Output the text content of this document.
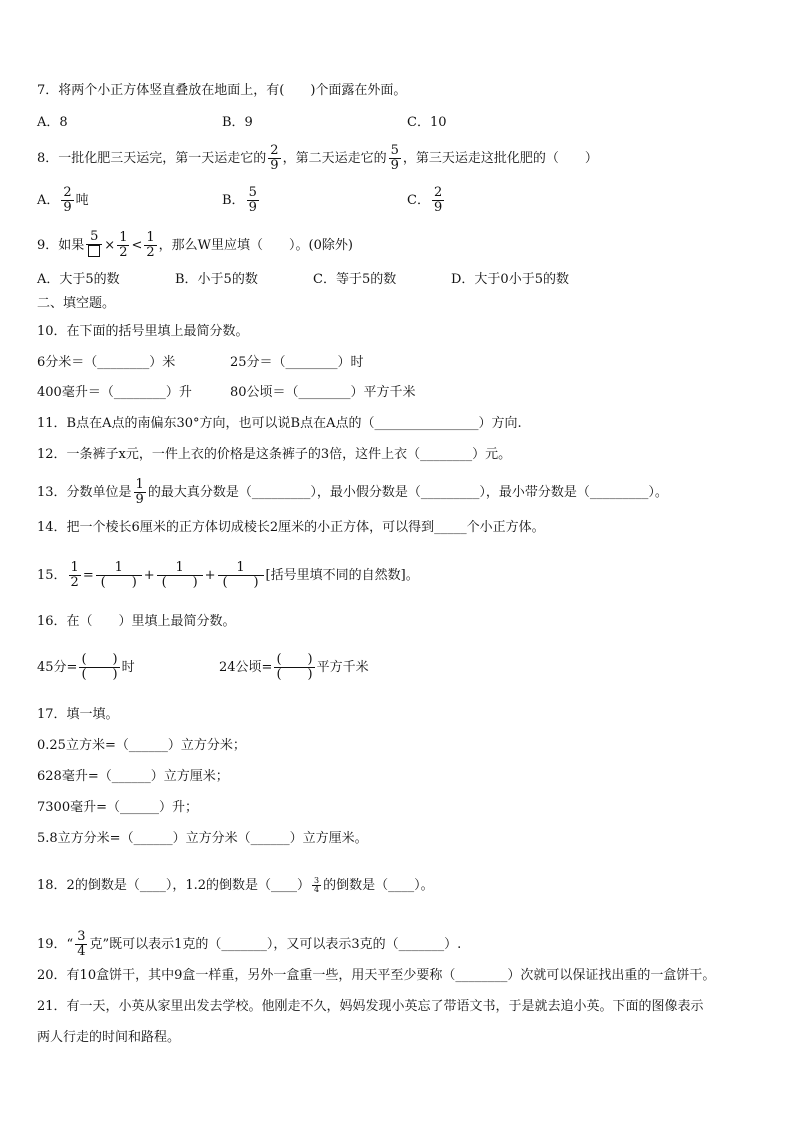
7．将两个小正方体竖直叠放在地面上，有(　　)个面露在外面。
A．8	B．9	C．10
8．一批化肥三天运完，第一天运走它的 $\frac{2}{9}$ ，第二天运走它的 $\frac{5}{9}$ ，第三天运走这批化肥的（　　）
A． $\frac{2}{9}$ 吨	B． $\frac{5}{9}$	C． $\frac{2}{9}$
9．如果
5
× $\frac{1}{2} < \frac{1}{2}$ ，那么W里应填（　　）。(0除外)
A．大于5的数	B．小于5的数	C．等于5的数	D．大于0小于5的数
二、填空题。
10．在下面的括号里填上最简分数。
6分米＝（________）米	25分＝（________）时
400毫升＝（________）升	80公顷＝（________）平方千米
11．B点在A点的南偏东30°方向，也可以说B点在A点的（________________）方向.
12．一条裤子x元，一件上衣的价格是这条裤子的3倍，这件上衣（________）元。
13．分数单位是 $\frac{1}{9}$ 的最大真分数是（_________），最小假分数是（_________），最小带分数是（_________）。
14．把一个棱长6厘米的正方体切成棱长2厘米的小正方体，可以得到_____个小正方体。
15． $\frac{1}{2} = \frac{1}{( )} + \frac{1}{( )} + \frac{1}{( )}$ [括号里填不同的自然数]。
16．在（　　）里填上最简分数。
45分= $\frac{( )}{( )}$ 时	24公顷= $\frac{( )}{( )}$ 平方千米
17．填一填。
0.25立方米=（______）立方分米；
628毫升=（______）立方厘米；
7300毫升=（______）升；
5.8立方分米=（______）立方分米（______）立方厘米。
18．2的倒数是（____），1.2的倒数是（____） $\frac{3}{4}$ 的倒数是（____）。
19．“ $\frac{3}{4}$ 克”既可以表示1克的（_______），又可以表示3克的（_______）.
20．有10盒饼干，其中9盒一样重，另外一盒重一些，用天平至少要称（________）次就可以保证找出重的一盒饼干。
21．有一天，小英从家里出发去学校。他刚走不久，妈妈发现小英忘了带语文书，于是就去追小英。下面的图像表示
两人行走的时间和路程。
